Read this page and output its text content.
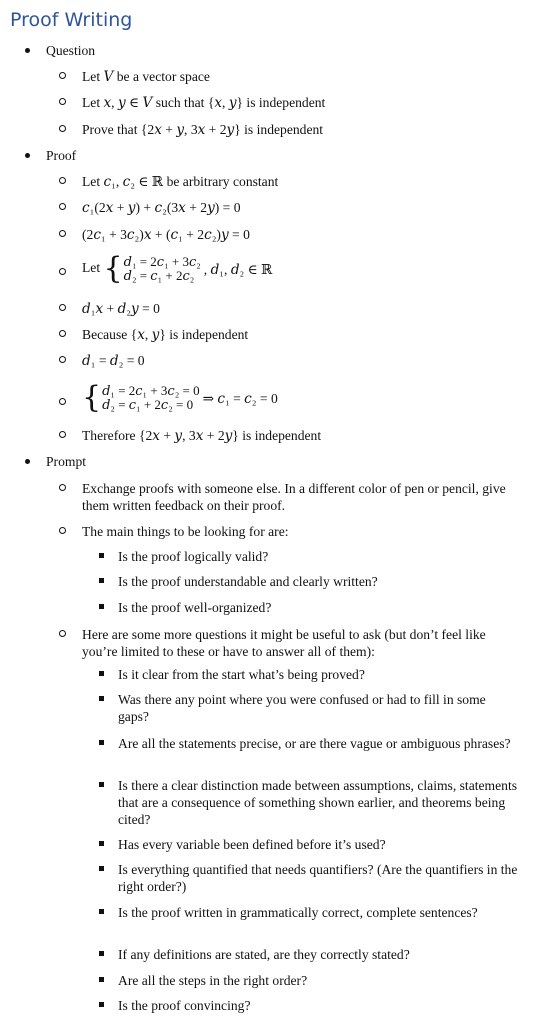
Proof Writing
Question
Let 𝑉 be a vector space
Let 𝑥, 𝑦 ∈ 𝑉 such that {𝑥, 𝑦} is independent
Prove that {2𝑥 + 𝑦, 3𝑥 + 2𝑦} is independent
Proof
Let 𝑐₁, 𝑐₂ ∈ ℝ be arbitrary constant
𝑐₁(2𝑥 + 𝑦) + 𝑐₂(3𝑥 + 2𝑦) = 0
(2𝑐₁ + 3𝑐₂)𝑥 + (𝑐₁ + 2𝑐₂)𝑦 = 0
Let { 𝑑₁ = 2𝑐₁ + 3𝑐₂
𝑑₂ = 𝑐₁ + 2𝑐₂ , 𝑑₁, 𝑑₂ ∈ ℝ
𝑑₁𝑥 + 𝑑₂𝑦 = 0
Because {𝑥, 𝑦} is independent
𝑑₁ = 𝑑₂ = 0
{ 𝑑₁ = 2𝑐₁ + 3𝑐₂ = 0
𝑑₂ = 𝑐₁ + 2𝑐₂ = 0 ⇒ 𝑐₁ = 𝑐₂ = 0
Therefore {2𝑥 + 𝑦, 3𝑥 + 2𝑦} is independent
Prompt
Exchange proofs with someone else. In a different color of pen or pencil, give them written feedback on their proof.
The main things to be looking for are:
Is the proof logically valid?
Is the proof understandable and clearly written?
Is the proof well-organized?
Here are some more questions it might be useful to ask (but don’t feel like you’re limited to these or have to answer all of them):
Is it clear from the start what’s being proved?
Was there any point where you were confused or had to fill in some gaps?
Are all the statements precise, or are there vague or ambiguous phrases?
Is there a clear distinction made between assumptions, claims, statements that are a consequence of something shown earlier, and theorems being cited?
Has every variable been defined before it’s used?
Is everything quantified that needs quantifiers? (Are the quantifiers in the right order?)
Is the proof written in grammatically correct, complete sentences?
If any definitions are stated, are they correctly stated?
Are all the steps in the right order?
Is the proof convincing?
